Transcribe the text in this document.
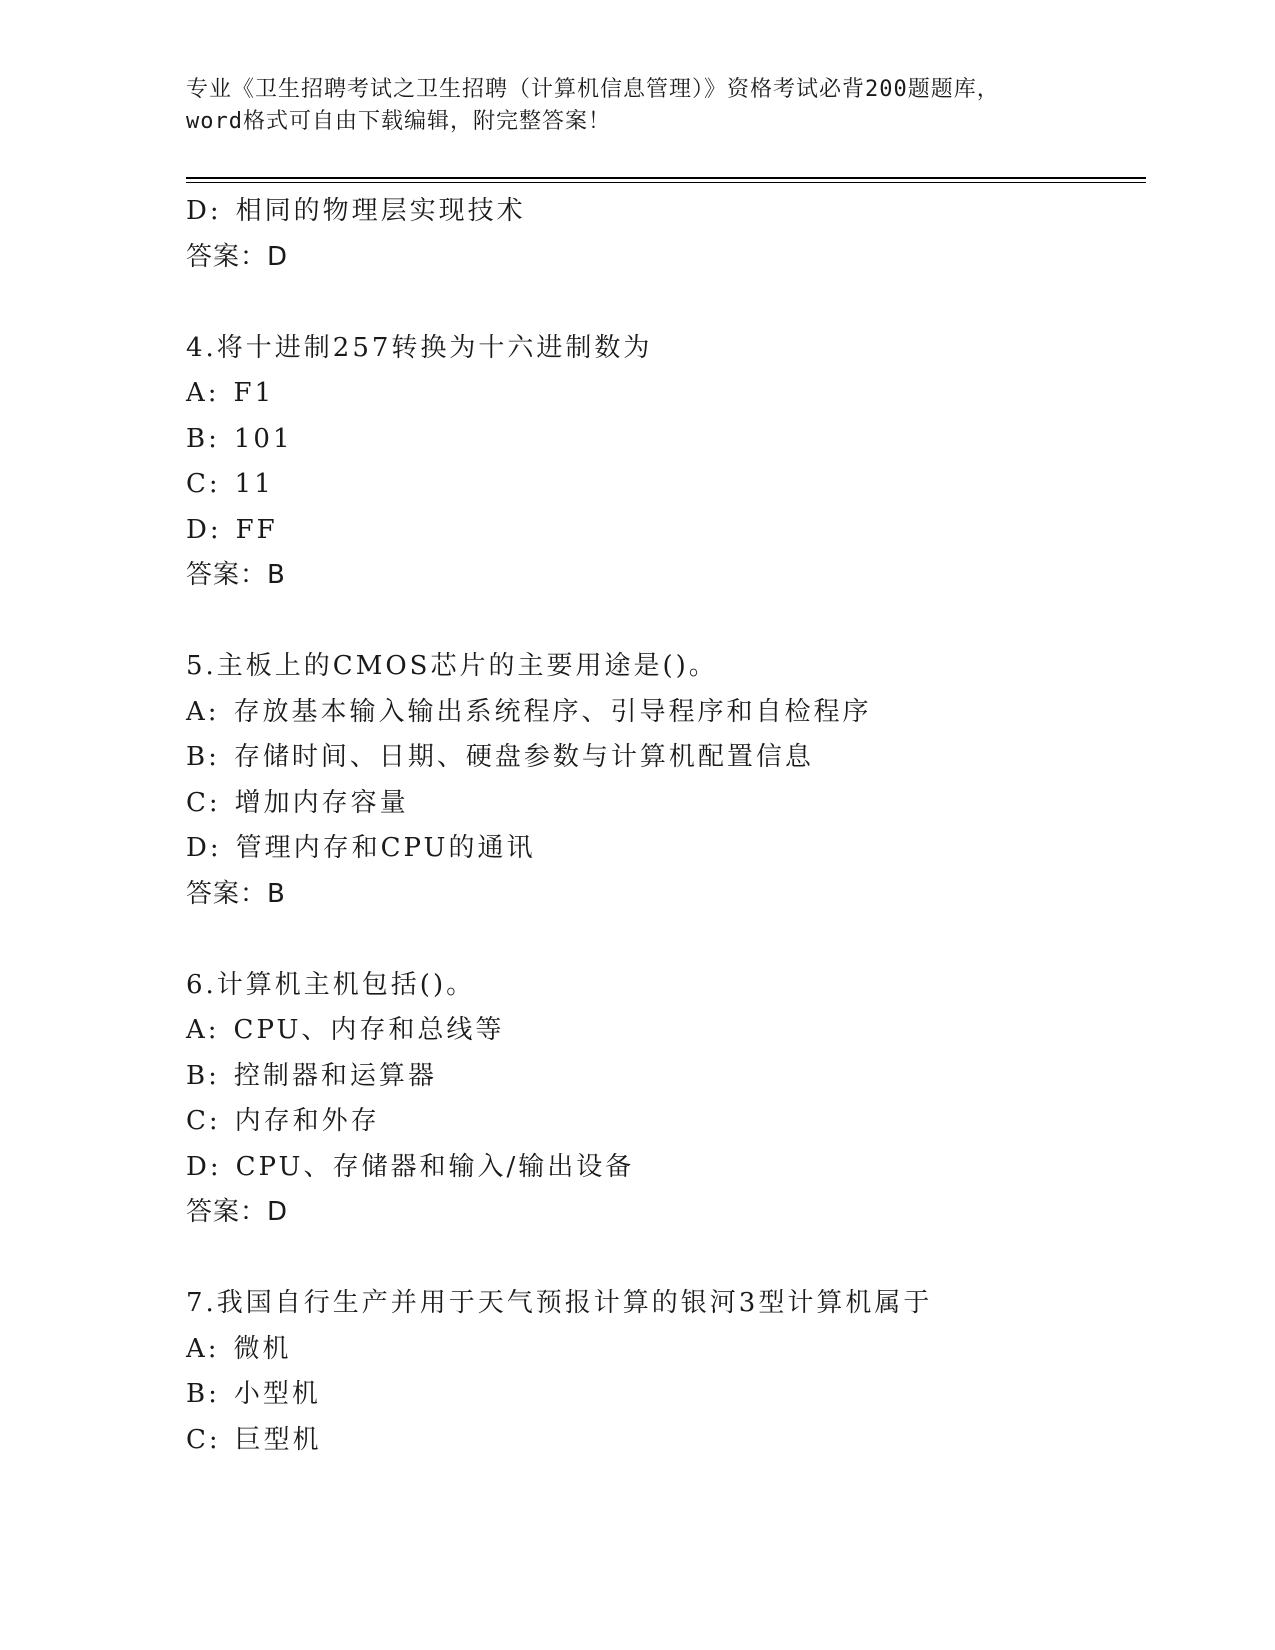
专业《卫生招聘考试之卫生招聘（计算机信息管理）》资格考试必背200题题库，
word格式可自由下载编辑，附完整答案！
D: 相同的物理层实现技术
答案：D
4.将十进制257转换为十六进制数为
A: F1
B: 101
C: 11
D: FF
答案：B
5.主板上的CMOS芯片的主要用途是()。
A: 存放基本输入输出系统程序、引导程序和自检程序
B: 存储时间、日期、硬盘参数与计算机配置信息
C: 增加内存容量
D: 管理内存和CPU的通讯
答案：B
6.计算机主机包括()。
A: CPU、内存和总线等
B: 控制器和运算器
C: 内存和外存
D: CPU、存储器和输入/输出设备
答案：D
7.我国自行生产并用于天气预报计算的银河3型计算机属于
A: 微机
B: 小型机
C: 巨型机
